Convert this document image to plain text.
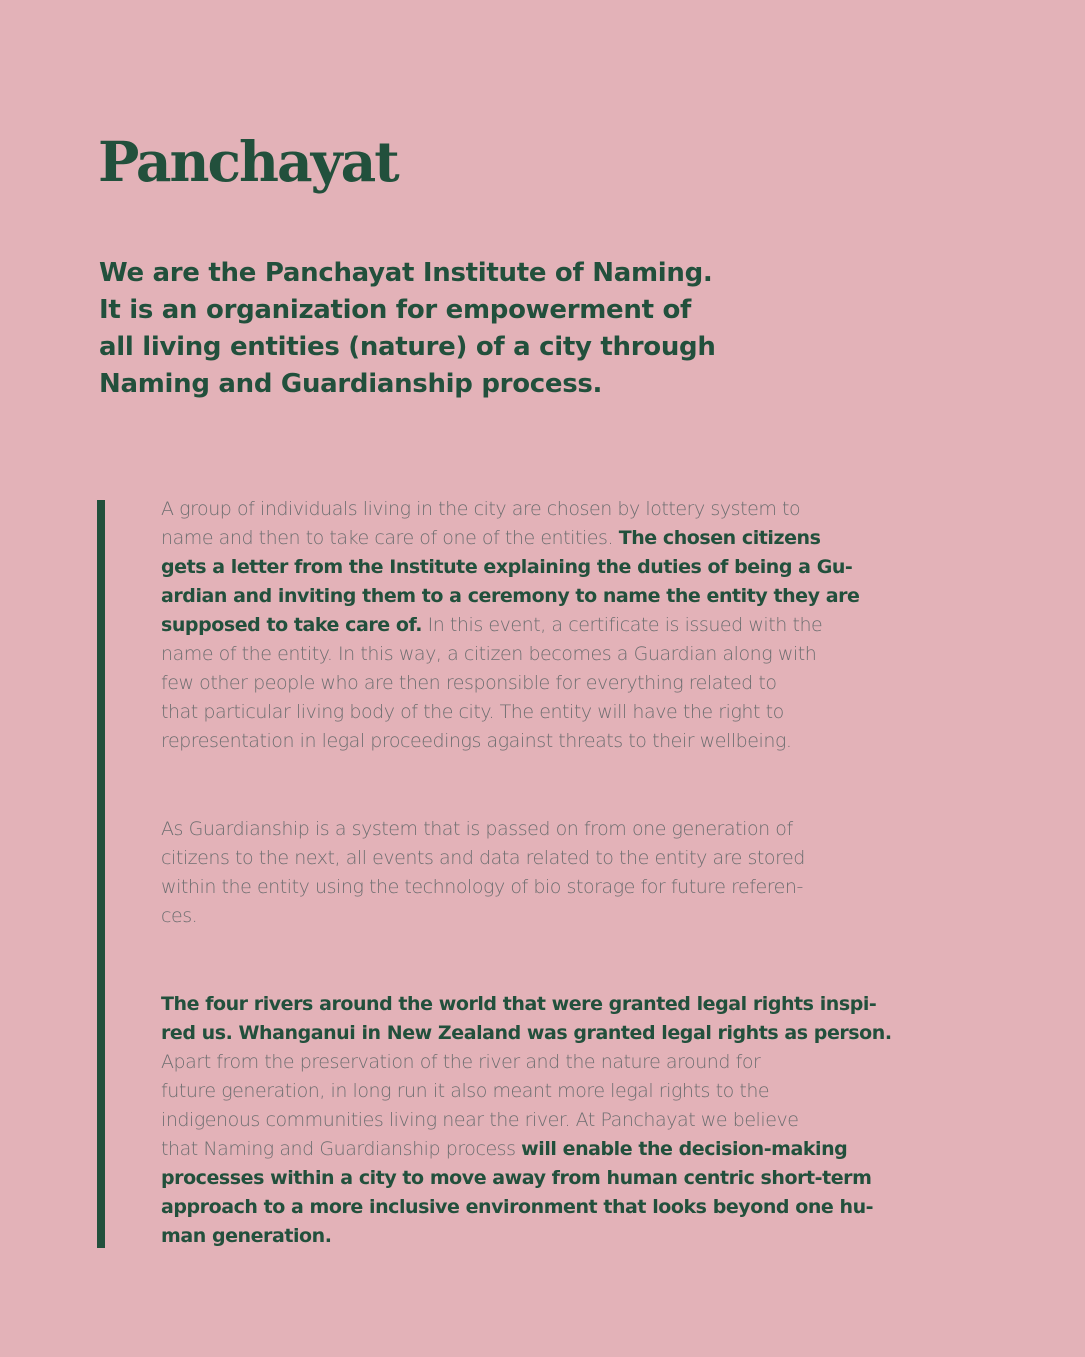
Panchayat
We are the Panchayat Institute of Naming.
It is an organization for empowerment of
all living entities (nature) of a city through
Naming and Guardianship process.
A group of individuals living in the city are chosen by lottery system to
name and then to take care of one of the entities. The chosen citizens
gets a letter from the Institute explaining the duties of being a Gu-
ardian and inviting them to a ceremony to name the entity they are
supposed to take care of. In this event, a certificate is issued with the
name of the entity. In this way, a citizen becomes a Guardian along with
few other people who are then responsible for everything related to
that particular living body of the city. The entity will have the right to
representation in legal proceedings against threats to their wellbeing.
As Guardianship is a system that is passed on from one generation of
citizens to the next, all events and data related to the entity are stored
within the entity using the technology of bio storage for future referen-
ces.
The four rivers around the world that were granted legal rights inspi-
red us. Whanganui in New Zealand was granted legal rights as person.
Apart from the preservation of the river and the nature around for
future generation, in long run it also meant more legal rights to the
indigenous communities living near the river. At Panchayat we believe
that Naming and Guardianship process will enable the decision-making
processes within a city to move away from human centric short-term
approach to a more inclusive environment that looks beyond one hu-
man generation.
